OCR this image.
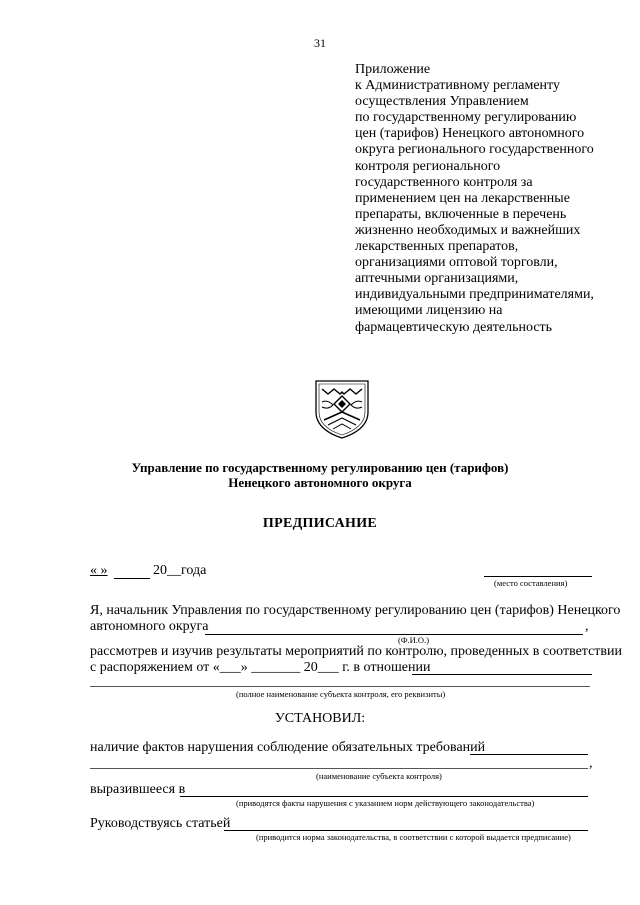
31
Приложение
к Административному регламенту
осуществления Управлением
по государственному регулированию
цен (тарифов) Ненецкого автономного
округа регионального государственного
контроля регионального
государственного контроля за
применением цен на лекарственные
препараты, включенные в перечень
жизненно необходимых и важнейших
лекарственных препаратов,
организациями оптовой торговли,
аптечными организациями,
индивидуальными предпринимателями,
имеющими лицензию на
фармацевтическую деятельность
Управление по государственному регулированию цен (тарифов)
Ненецкого автономного округа
ПРЕДПИСАНИЕ
« »	20__года
(место составления)
Я, начальник Управления по государственному регулированию цен (тарифов) Ненецкого
автономного округа	,
(Ф.И.О.)
рассмотрев и изучив результаты мероприятий по контролю, проведенных в соответствии
с распоряжением от «___» _______ 20___ г. в отношении
(полное наименование субъекта контроля, его реквизиты)
УСТАНОВИЛ:
наличие фактов нарушения соблюдение обязательных требований
,
(наименование субъекта контроля)
выразившееся в
(приводятся факты нарушения с указанием норм действующего законодательства)
Руководствуясь статьей
(приводится норма законодательства, в соответствии с которой выдается предписание)
